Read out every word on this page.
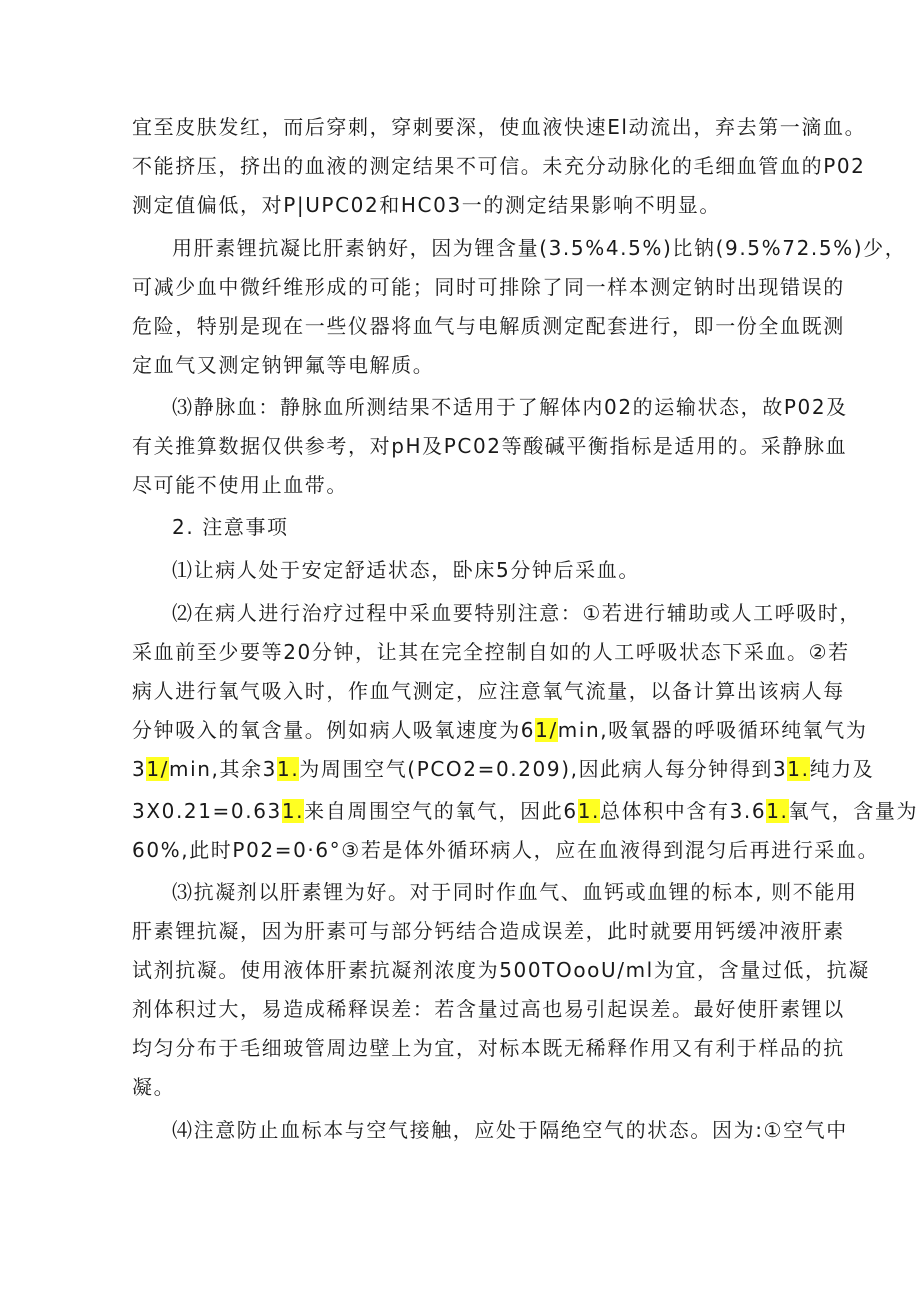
宜至皮肤发红，而后穿刺，穿刺要深，使血液快速El动流出，弃去第一滴血。
不能挤压，挤出的血液的测定结果不可信。未充分动脉化的毛细血管血的P02
测定值偏低，对P|UPC02和HC03一的测定结果影响不明显。
用肝素锂抗凝比肝素钠好，因为锂含量(3.5%4.5%)比钠(9.5%72.5%)少，
可减少血中微纤维形成的可能；同时可排除了同一样本测定钠时出现错误的
危险，特别是现在一些仪器将血气与电解质测定配套进行，即一份全血既测
定血气又测定钠钾氟等电解质。
⑶静脉血：静脉血所测结果不适用于了解体内02的运输状态，故P02及
有关推算数据仅供参考，对pH及PC02等酸碱平衡指标是适用的。采静脉血
尽可能不使用止血带。
2. 注意事项
⑴让病人处于安定舒适状态，卧床5分钟后采血。
⑵在病人进行治疗过程中采血要特别注意：①若进行辅助或人工呼吸时，
采血前至少要等20分钟，让其在完全控制自如的人工呼吸状态下采血。②若
病人进行氧气吸入时，作血气测定，应注意氧气流量，以备计算出该病人每
分钟吸入的氧含量。例如病人吸氧速度为61/min,吸氧器的呼吸循环纯氧气为
31/min,其余31.为周围空气(PCO2=0.209),因此病人每分钟得到31.纯力及
3X0.21=0.631.来自周围空气的氧气，因此61.总体积中含有3.61.氧气，含量为
60%,此时P02=0·6°③若是体外循环病人，应在血液得到混匀后再进行采血。
⑶抗凝剂以肝素锂为好。对于同时作血气、血钙或血锂的标本, 则不能用
肝素锂抗凝，因为肝素可与部分钙结合造成误差，此时就要用钙缓冲液肝素
试剂抗凝。使用液体肝素抗凝剂浓度为500TOooU/ml为宜，含量过低，抗凝
剂体积过大，易造成稀释误差：若含量过高也易引起误差。最好使肝素锂以
均匀分布于毛细玻管周边壁上为宜，对标本既无稀释作用又有利于样品的抗
凝。
⑷注意防止血标本与空气接触，应处于隔绝空气的状态。因为:①空气中
